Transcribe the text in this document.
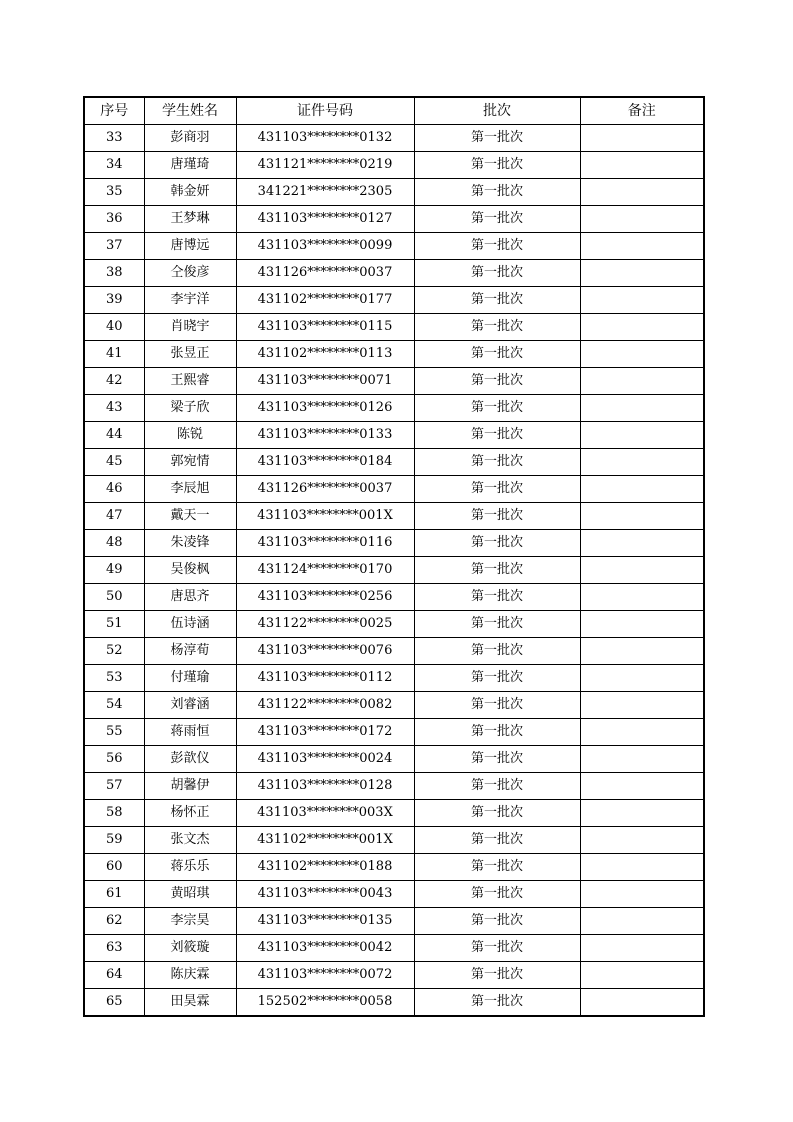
序号	学生姓名	证件号码	批次	备注
33	彭商羽	431103********0132	第一批次	
34	唐瑾琦	431121********0219	第一批次	
35	韩金妍	341221********2305	第一批次	
36	王梦琳	431103********0127	第一批次	
37	唐博远	431103********0099	第一批次	
38	仝俊彦	431126********0037	第一批次	
39	李宇洋	431102********0177	第一批次	
40	肖晓宇	431103********0115	第一批次	
41	张昱正	431102********0113	第一批次	
42	王熙睿	431103********0071	第一批次	
43	梁子欣	431103********0126	第一批次	
44	陈锐	431103********0133	第一批次	
45	郭宛情	431103********0184	第一批次	
46	李辰旭	431126********0037	第一批次	
47	戴天一	431103********001X	第一批次	
48	朱凌锋	431103********0116	第一批次	
49	吴俊枫	431124********0170	第一批次	
50	唐思齐	431103********0256	第一批次	
51	伍诗涵	431122********0025	第一批次	
52	杨淳荀	431103********0076	第一批次	
53	付瑾瑜	431103********0112	第一批次	
54	刘睿涵	431122********0082	第一批次	
55	蒋雨恒	431103********0172	第一批次	
56	彭歆仪	431103********0024	第一批次	
57	胡馨伊	431103********0128	第一批次	
58	杨怀正	431103********003X	第一批次	
59	张文杰	431102********001X	第一批次	
60	蒋乐乐	431102********0188	第一批次	
61	黄昭琪	431103********0043	第一批次	
62	李宗昊	431103********0135	第一批次	
63	刘筱璇	431103********0042	第一批次	
64	陈庆霖	431103********0072	第一批次	
65	田昊霖	152502********0058	第一批次	
